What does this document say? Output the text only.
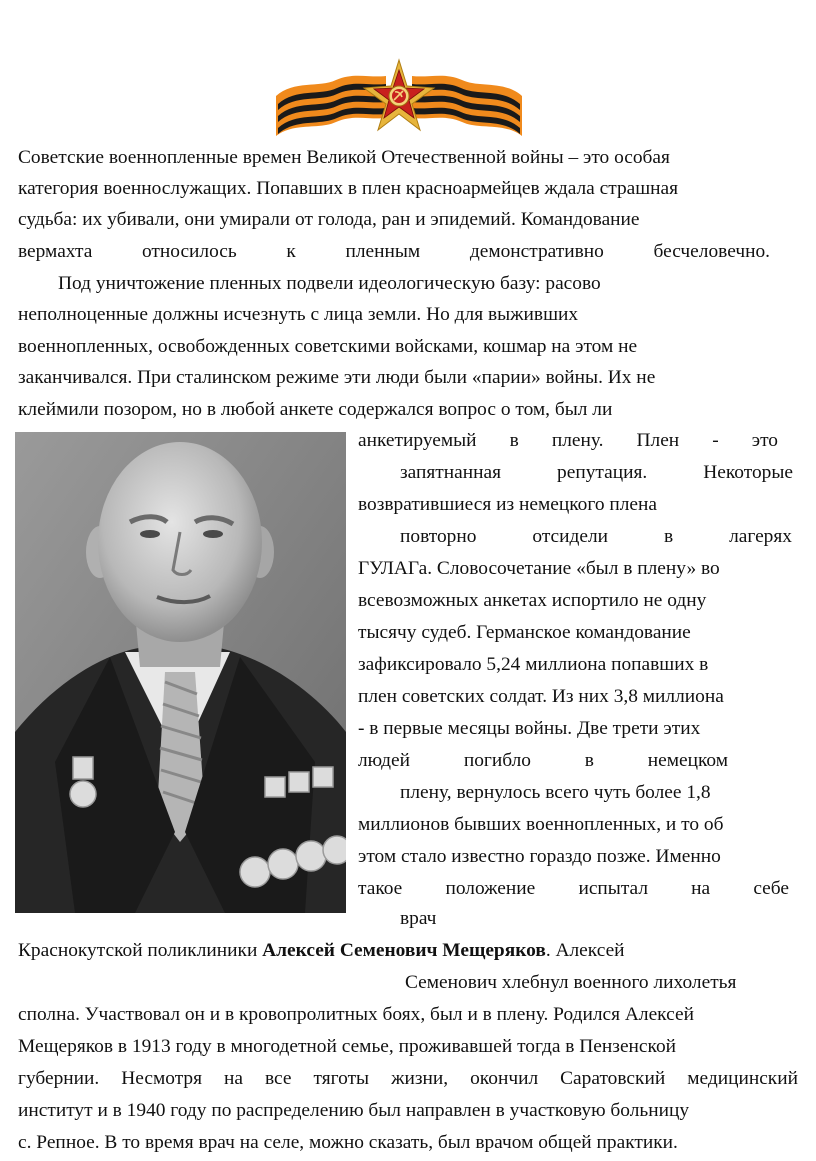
Советские военнопленные времен Великой Отечественной войны – это особая

категория военнослужащих. Попавших в плен красноармейцев ждала страшная

судьба: их убивали, они умирали от голода, ран и эпидемий. Командование

вермахта относилось к пленным демонстративно бесчеловечно.

Под уничтожение пленных подвели идеологическую базу: расово

неполноценные должны исчезнуть с лица земли. Но для выживших

военнопленных, освобожденных советскими войсками, кошмар на этом не

заканчивался. При сталинском режиме эти люди были «парии» войны. Их не

клеймили позором, но в любой анкете содержался вопрос о том, был ли

анкетируемый в плену. Плен - это

запятнанная репутация. Некоторые

возвратившиеся из немецкого плена

повторно отсидели в лагерях

ГУЛАГа. Словосочетание «был в плену» во

всевозможных анкетах испортило не одну

тысячу судеб. Германское командование

зафиксировало 5,24 миллиона попавших в

плен советских солдат. Из них 3,8 миллиона

- в первые месяцы войны. Две трети этих

людей погибло в немецком

плену, вернулось всего чуть более 1,8

миллионов бывших военнопленных, и то об

этом стало известно гораздо позже. Именно

такое положение испытал на себе

врач

Краснокутской поликлиники Алексей Семенович Мещеряков. Алексей

Семенович хлебнул военного лихолетья

сполна. Участвовал он и в кровопролитных боях, был и в плену. Родился Алексей

Мещеряков в 1913 году в многодетной семье, проживавшей тогда в Пензенской

губернии. Несмотря на все тяготы жизни, окончил Саратовский медицинский

институт и в 1940 году по распределению был направлен в участковую больницу

с. Репное. В то время врач на селе, можно сказать, был врачом общей практики.
